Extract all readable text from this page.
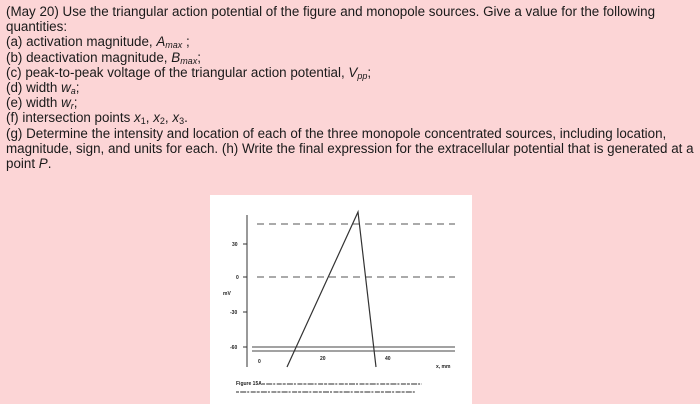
(May 20) Use the triangular action potential of the figure and monopole sources. Give a value for the following quantities:

(a) activation magnitude, $A_{max}$ ;

(b) deactivation magnitude, $B_{max}$;

(c) peak-to-peak voltage of the triangular action potential, $V_{pp}$;

(d) width $w_a$;

(e) width $w_r$;

(f) intersection points $x_1$, $x_2$, $x_3$.

(g) Determine the intensity and location of each of the three monopole concentrated sources, including location, magnitude, sign, and units for each. (h) Write the final expression for the extracellular potential that is generated at a point P.

30
0
mV
-30
-60
0	20	40
x, mm
Figure 15A
